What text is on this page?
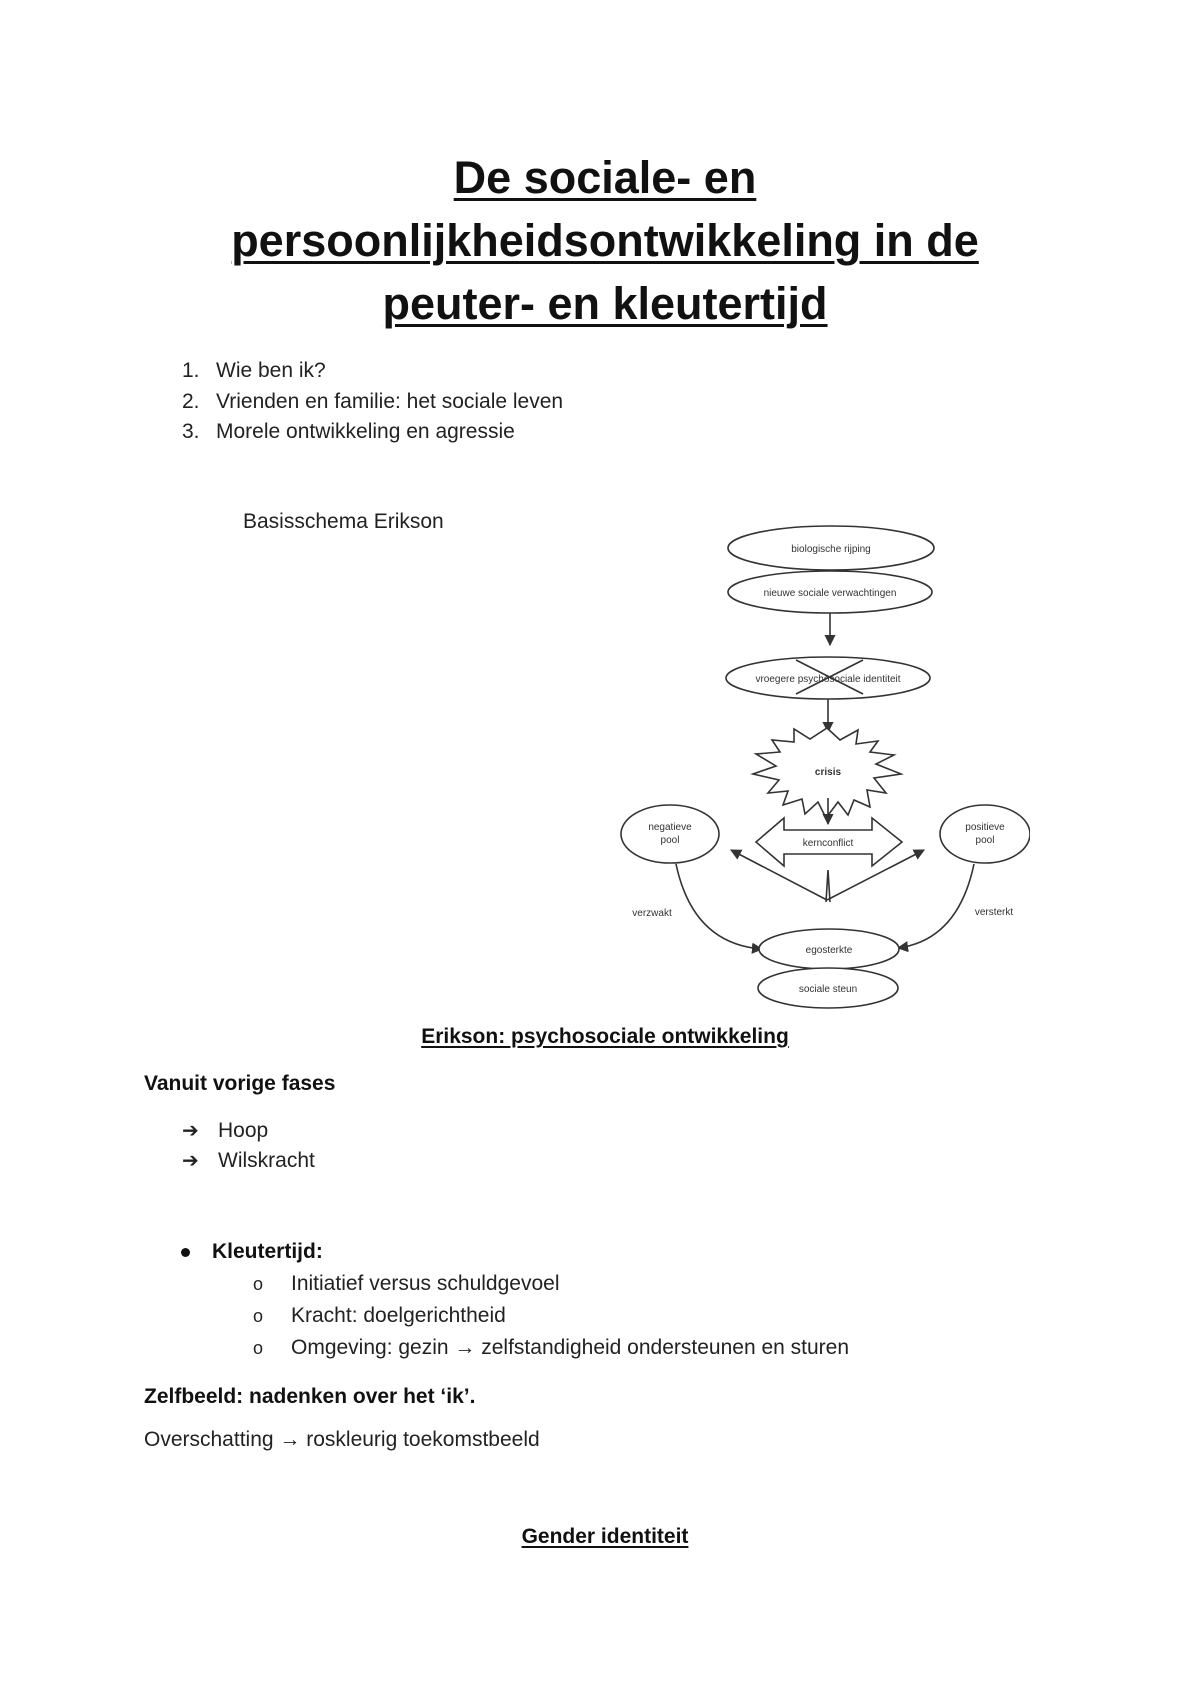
De sociale- en
persoonlijkheidsontwikkeling in de
peuter- en kleutertijd
1. Wie ben ik?
2. Vrienden en familie: het sociale leven
3. Morele ontwikkeling en agressie
Basisschema Erikson
biologische rijping
nieuwe sociale verwachtingen
vroegere psychosociale identiteit
crisis
kernconflict
negatieve
pool
positieve
pool
verzwakt	versterkt
egosterkte
sociale steun
Erikson: psychosociale ontwikkeling
Vanuit vorige fases
➔ Hoop
➔ Wilskracht
Kleutertijd:
o	Initiatief versus schuldgevoel
o	Kracht: doelgerichtheid
o	Omgeving: gezin → zelfstandigheid ondersteunen en sturen
Zelfbeeld: nadenken over het ‘ik’.
Overschatting → roskleurig toekomstbeeld
Gender identiteit
